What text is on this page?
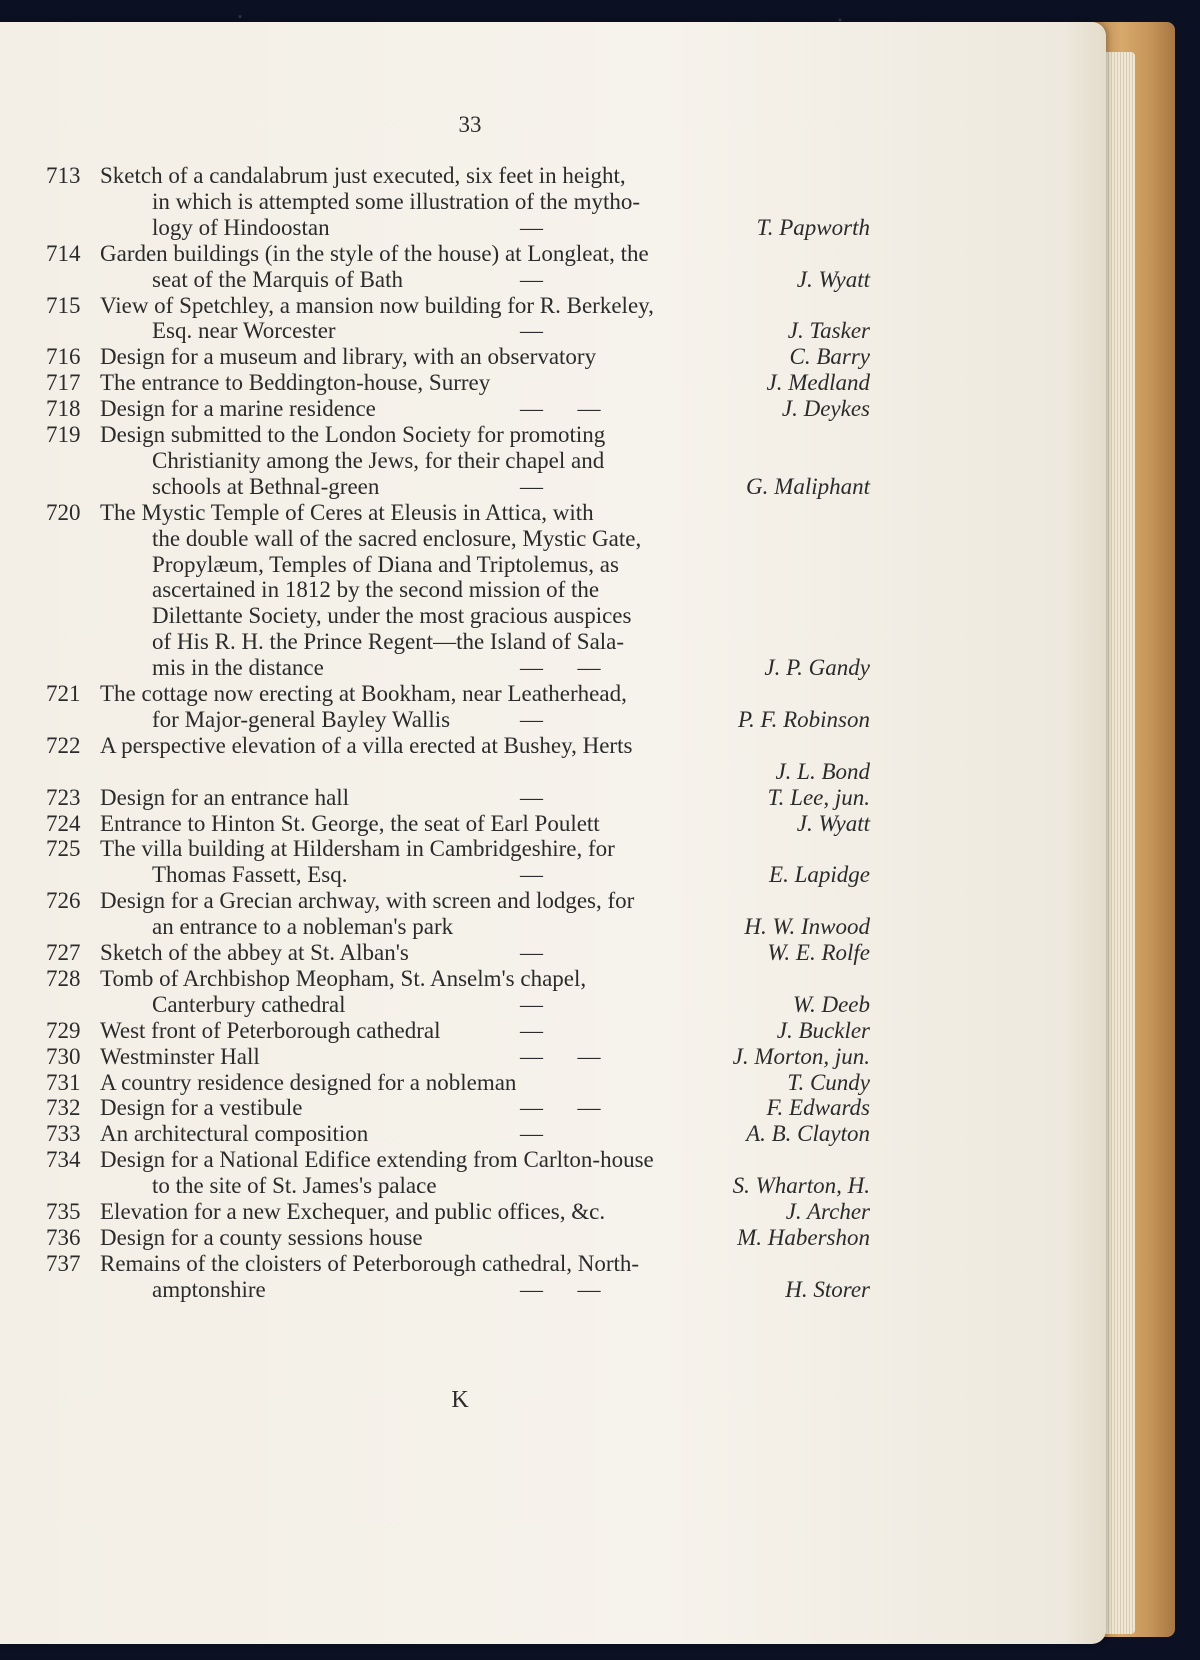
33
713 Sketch of a candalabrum just executed, six feet in height,
in which is attempted some illustration of the mytho-
logy of Hindoostan	—	T. Papworth
714 Garden buildings (in the style of the house) at Longleat, the
seat of the Marquis of Bath	—	J. Wyatt
715 View of Spetchley, a mansion now building for R. Berkeley,
Esq. near Worcester	—	J. Tasker
716 Design for a museum and library, with an observatory	C. Barry
717 The entrance to Beddington-house, Surrey	J. Medland
718 Design for a marine residence	—      —	J. Deykes
719 Design submitted to the London Society for promoting
Christianity among the Jews, for their chapel and
schools at Bethnal-green	—	G. Maliphant
720 The Mystic Temple of Ceres at Eleusis in Attica, with
the double wall of the sacred enclosure, Mystic Gate,
Propylæum, Temples of Diana and Triptolemus, as
ascertained in 1812 by the second mission of the
Dilettante Society, under the most gracious auspices
of His R. H. the Prince Regent—the Island of Sala-
mis in the distance	—      —	J. P. Gandy
721 The cottage now erecting at Bookham, near Leatherhead,
for Major-general Bayley Wallis	—	P. F. Robinson
722 A perspective elevation of a villa erected at Bushey, Herts
J. L. Bond
723 Design for an entrance hall	—	T. Lee, jun.
724 Entrance to Hinton St. George, the seat of Earl Poulett	J. Wyatt
725 The villa building at Hildersham in Cambridgeshire, for
Thomas Fassett, Esq.	—	E. Lapidge
726 Design for a Grecian archway, with screen and lodges, for
an entrance to a nobleman's park	H. W. Inwood
727 Sketch of the abbey at St. Alban's	—	W. E. Rolfe
728 Tomb of Archbishop Meopham, St. Anselm's chapel,
Canterbury cathedral	—	W. Deeb
729 West front of Peterborough cathedral	—	J. Buckler
730 Westminster Hall	—      —	J. Morton, jun.
731 A country residence designed for a nobleman	T. Cundy
732 Design for a vestibule	—      —	F. Edwards
733 An architectural composition	—	A. B. Clayton
734 Design for a National Edifice extending from Carlton-house
to the site of St. James's palace	S. Wharton, H.
735 Elevation for a new Exchequer, and public offices, &c.	J. Archer
736 Design for a county sessions house	M. Habershon
737 Remains of the cloisters of Peterborough cathedral, North-
amptonshire	—      —	H. Storer
K
